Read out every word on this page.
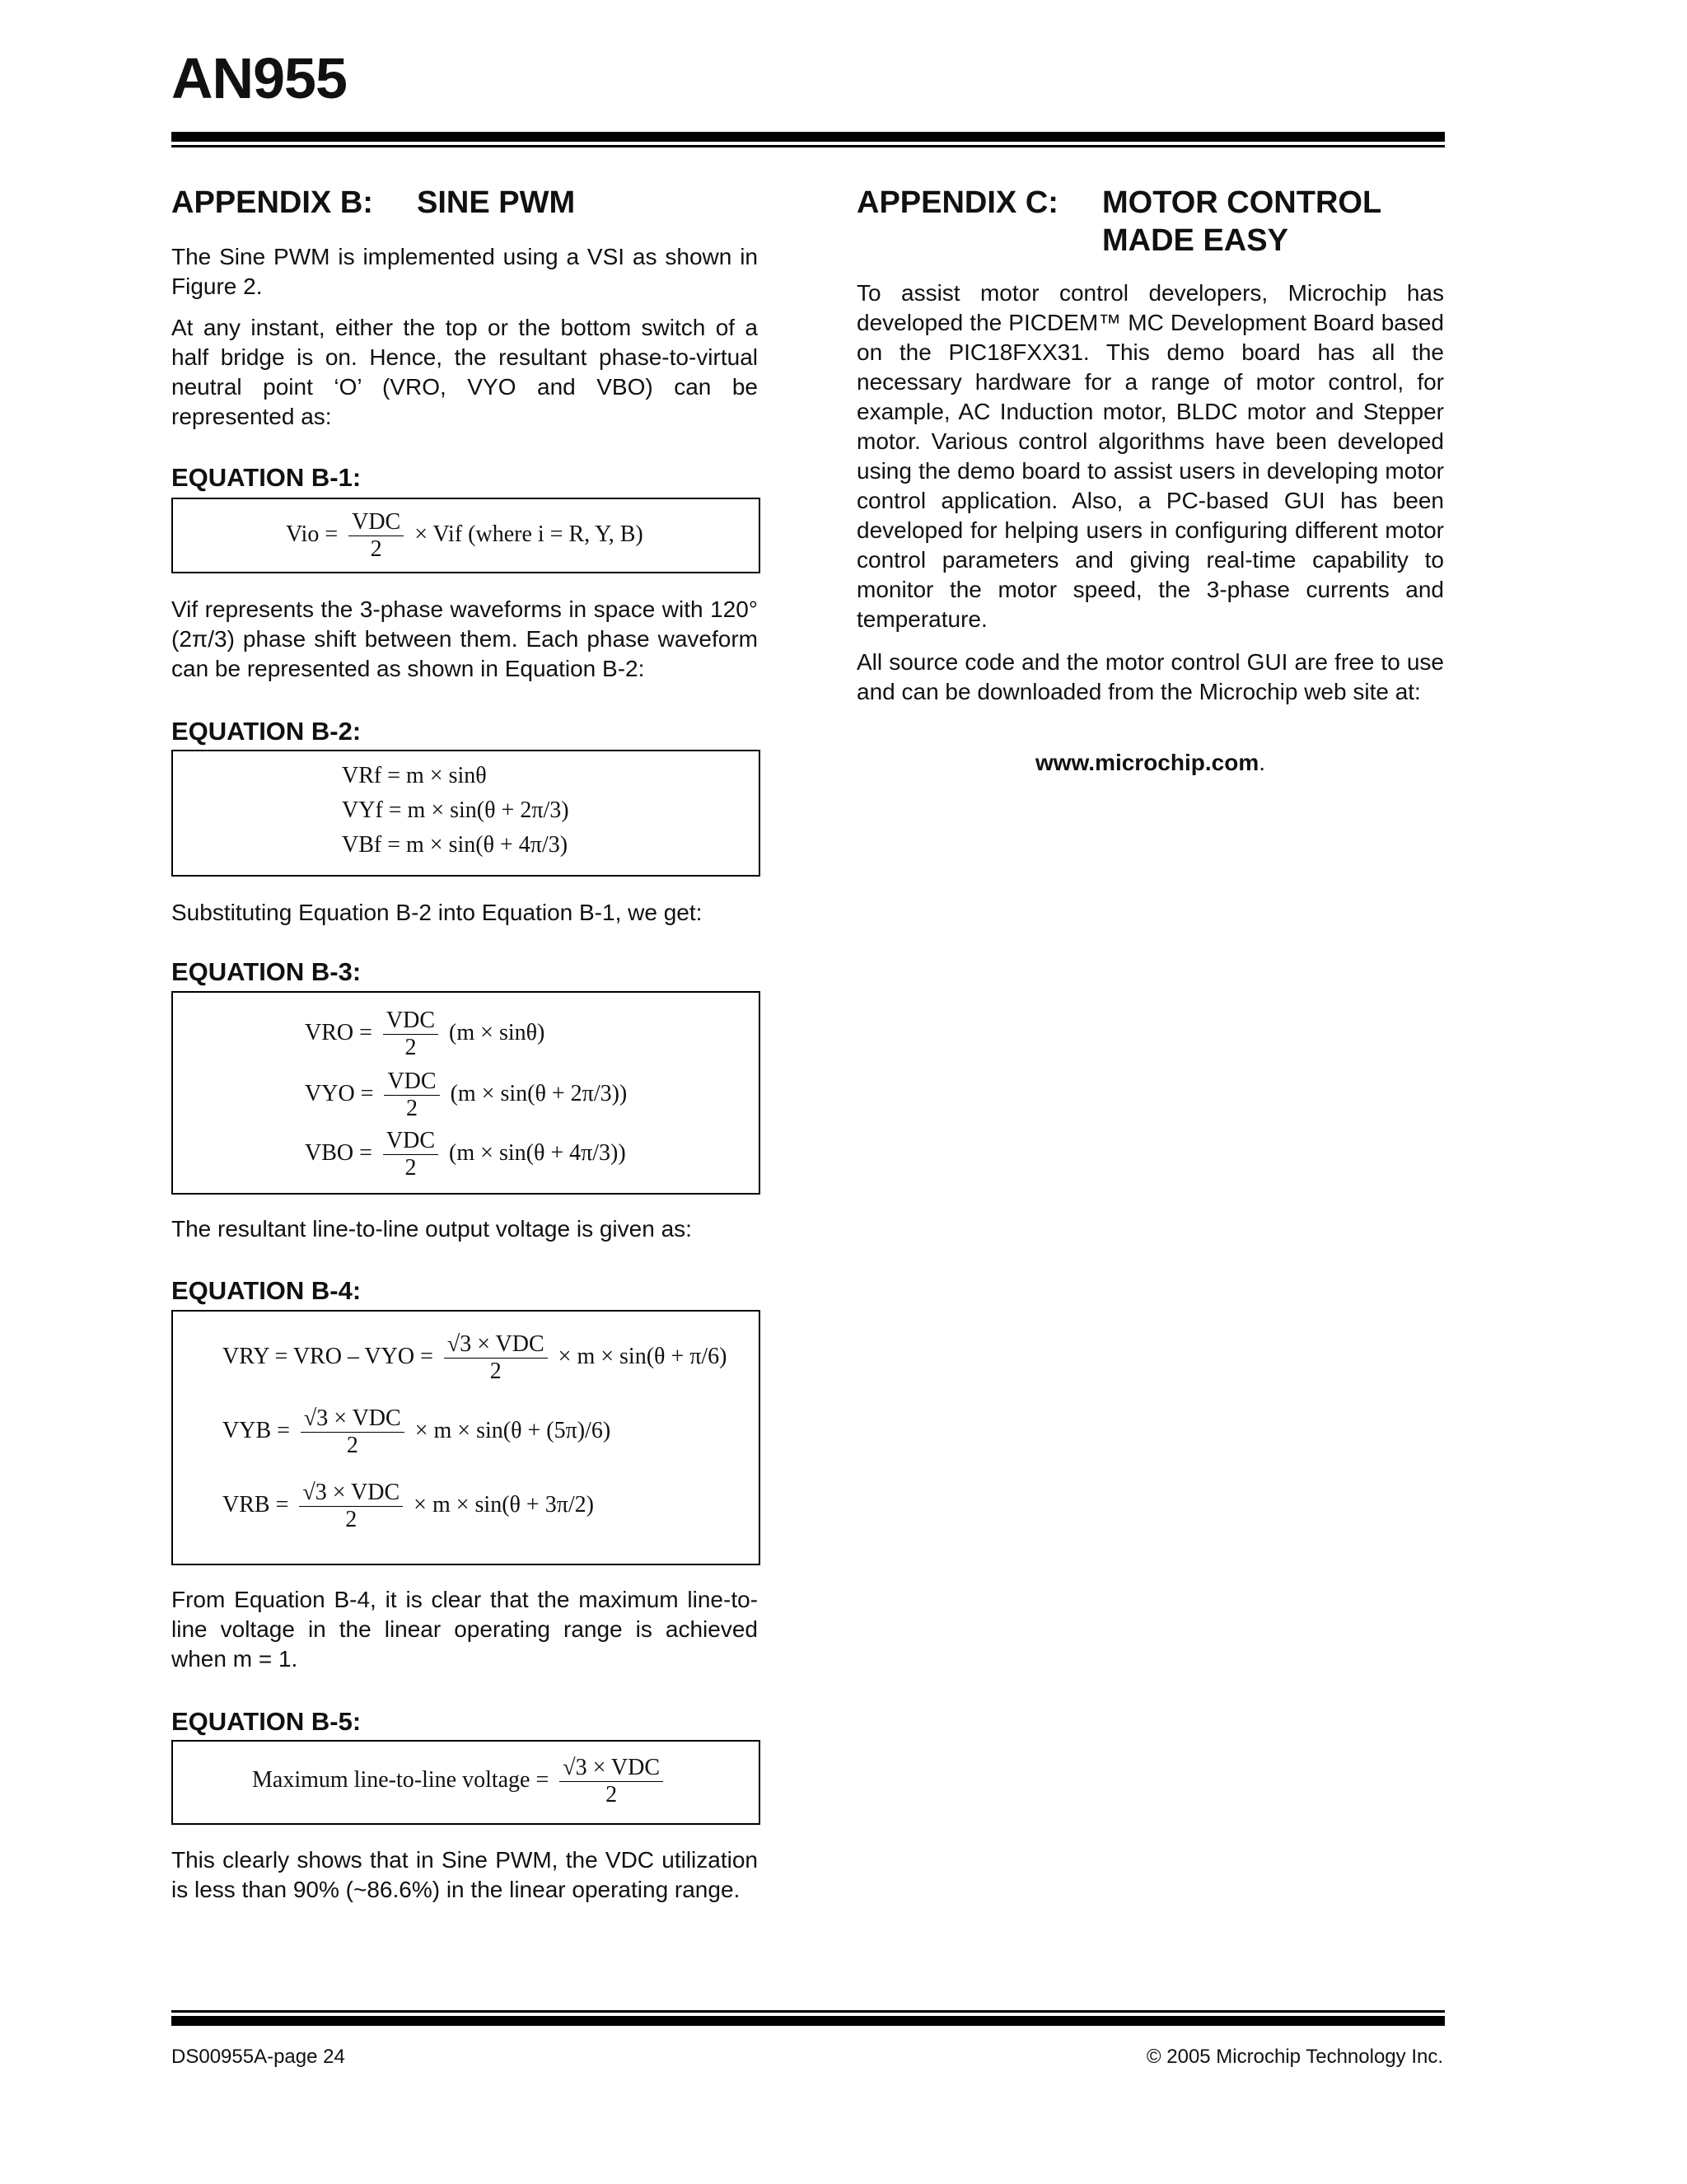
AN955
APPENDIX B: SINE PWM
The Sine PWM is implemented using a VSI as shown in Figure 2.
At any instant, either the top or the bottom switch of a half bridge is on. Hence, the resultant phase-to-virtual neutral point ‘O’ (VRO, VYO and VBO) can be represented as:
EQUATION B-1:
Vio = $\frac{\text{VDC}}{2}$ × Vif (where i = R, Y, B)
Vif represents the 3-phase waveforms in space with 120° (2π/3) phase shift between them. Each phase waveform can be represented as shown in Equation B-2:
EQUATION B-2:
VRf = m × sinθ
VYf = m × sin(θ + 2π/3)
VBf = m × sin(θ + 4π/3)
Substituting Equation B-2 into Equation B-1, we get:
EQUATION B-3:
VRO = $\frac{\text{VDC}}{2} (m \times \sin\theta)$
VYO = $\frac{\text{VDC}}{2} (m \times \sin(\theta + 2\pi/3))$
VBO = $\frac{\text{VDC}}{2} (m \times \sin(\theta + 4\pi/3))$
The resultant line-to-line output voltage is given as:
EQUATION B-4:
VRY = VRO – VYO = $\frac{\text{√3 × VDC}}{2} \times m \times \sin(\theta + \pi/6)$
VYB = $\frac{\text{√3 × VDC}}{2} \times m \times \sin(\theta + (5\pi)/6)$
VRB = $\frac{\text{√3 × VDC}}{2} \times m \times \sin(\theta + 3\pi/2)$
From Equation B-4, it is clear that the maximum line-to-line voltage in the linear operating range is achieved when m = 1.
EQUATION B-5:
Maximum line-to-line voltage = $\frac{\text{√3 × VDC}}{2}$
This clearly shows that in Sine PWM, the VDC utilization is less than 90% (~86.6%) in the linear operating range.
APPENDIX C: MOTOR CONTROL
MADE EASY
To assist motor control developers, Microchip has developed the PICDEM™ MC Development Board based on the PIC18FXX31. This demo board has all the necessary hardware for a range of motor control, for example, AC Induction motor, BLDC motor and Stepper motor. Various control algorithms have been developed using the demo board to assist users in developing motor control application. Also, a PC-based GUI has been developed for helping users in configuring different motor control parameters and giving real-time capability to monitor the motor speed, the 3-phase currents and temperature.
All source code and the motor control GUI are free to use and can be downloaded from the Microchip web site at:
www.microchip.com.
DS00955A-page 24	© 2005 Microchip Technology Inc.
